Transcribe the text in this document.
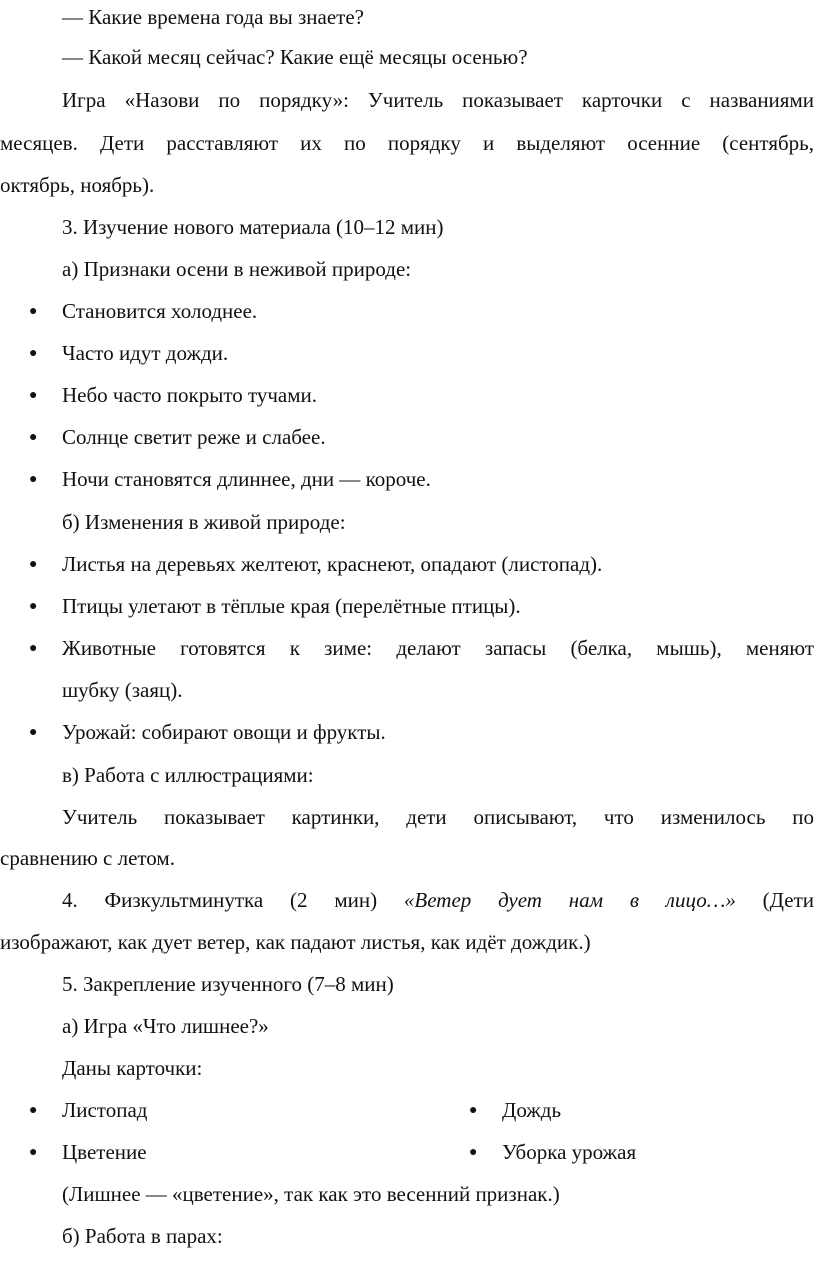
— Какие времена года вы знаете?
— Какой месяц сейчас? Какие ещё месяцы осенью?
Игра «Назови по порядку»: Учитель показывает карточки с названиями
месяцев. Дети расставляют их по порядку и выделяют осенние (сентябрь,
октябрь, ноябрь).
3. Изучение нового материала (10–12 мин)
а) Признаки осени в неживой природе:
● Становится холоднее.
● Часто идут дожди.
● Небо часто покрыто тучами.
● Солнце светит реже и слабее.
● Ночи становятся длиннее, дни — короче.
б) Изменения в живой природе:
● Листья на деревьях желтеют, краснеют, опадают (листопад).
● Птицы улетают в тёплые края (перелётные птицы).
● Животные готовятся к зиме: делают запасы (белка, мышь), меняют
шубку (заяц).
● Урожай: собирают овощи и фрукты.
в) Работа с иллюстрациями:
Учитель показывает картинки, дети описывают, что изменилось по
сравнению с летом.
4. Физкультминутка (2 мин) «Ветер дует нам в лицо…» (Дети
изображают, как дует ветер, как падают листья, как идёт дождик.)
5. Закрепление изученного (7–8 мин)
а) Игра «Что лишнее?»
Даны карточки:
● Листопад	● Дождь
● Цветение	● Уборка урожая
(Лишнее — «цветение», так как это весенний признак.)
б) Работа в парах:
